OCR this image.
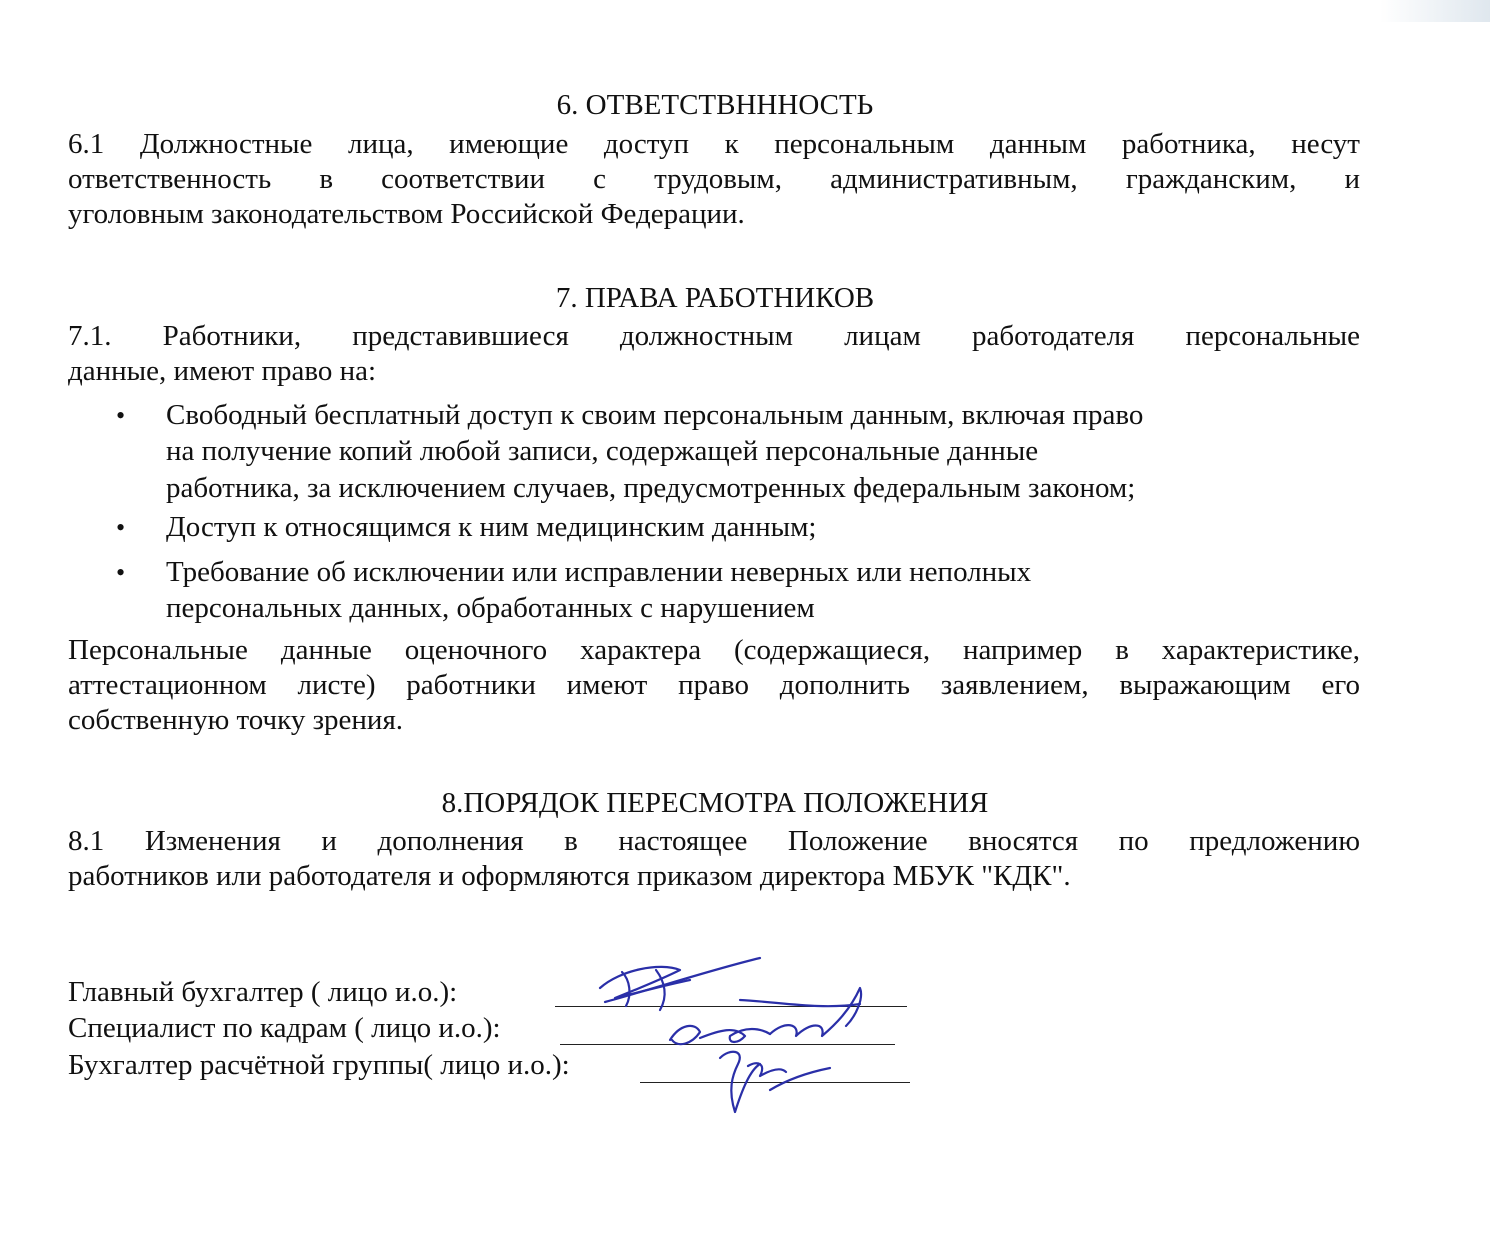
6. ОТВЕТСТВННHОСТЬ
6.1 Должностные лица, имеющие доступ к персональным данным работника, несут
ответственность в соответствии с трудовым, административным, гражданским, и
уголовным законодательством Российской Федерации.
7. ПРАВА РАБОТНИКОВ
7.1. Работники, представившиеся должностным лицам работодателя персональные
данные, имеют право на:
• Свободный бесплатный доступ к своим персональным данным, включая право
на получение копий любой записи, содержащей персональные данные
работника, за исключением случаев, предусмотренных федеральным законом;
• Доступ к относящимся к ним медицинским данным;
• Требование об исключении или исправлении неверных или неполных
персональных данных, обработанных с нарушением
Персональные данные оценочного характера (содержащиеся, например в характеристике,
аттестационном листе) работники имеют право дополнить заявлением, выражающим его
собственную точку зрения.
8.ПОРЯДОК ПЕРЕСМОТРА ПОЛОЖЕНИЯ
8.1 Изменения и дополнения в настоящее Положение вносятся по предложению
работников или работодателя и оформляются приказом директора МБУК "КДК".
Главный бухгалтер ( лицо и.о.):
Специалист по кадрам ( лицо и.о.):
Бухгалтер расчётной группы( лицо и.о.):
